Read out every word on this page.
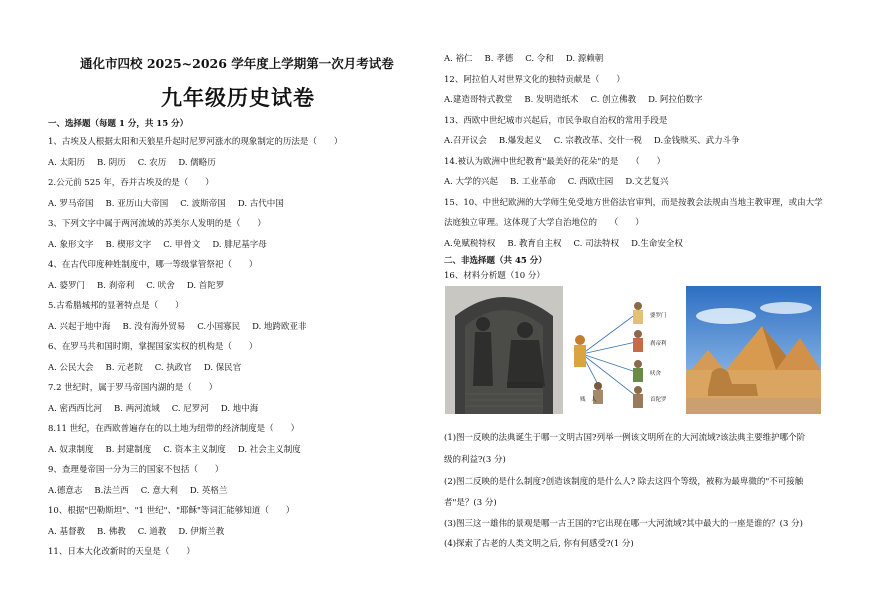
通化市四校 2025~2026 学年度上学期第一次月考试卷
九年级历史试卷
一、选择题（每题 1 分，共 15 分）
1、古埃及人根据太阳和天狼星升起时尼罗河涨水的现象制定的历法是（　　）
A. 太阳历 B. 阴历 C. 农历 D. 儒略历
2.公元前 525 年，吞并古埃及的是（　　）
A. 罗马帝国 B. 亚历山大帝国 C. 波斯帝国 D. 古代中国
3、下列文字中属于两河流域的苏美尔人发明的是（　　）
A. 象形文字 B. 楔形文字 C. 甲骨文 D. 腓尼基字母
4、在古代印度种姓制度中，哪一等级掌管祭祀（　　）
A. 婆罗门 B. 刹帝利 C. 吠舍 D. 首陀罗
5.古希腊城邦的显著特点是（　　）
A. 兴起于地中海 B. 没有海外贸易 C.小国寡民 D. 地跨欧亚非
6、在罗马共和国时期，掌握国家实权的机构是（　　）
A. 公民大会 B. 元老院 C. 执政官 D. 保民官
7.2 世纪时，属于罗马帝国内湖的是（　　）
A. 密西西比河 B. 两河流域 C. 尼罗河 D. 地中海
8.11 世纪，在西欧普遍存在的以土地为纽带的经济制度是（　　）
A. 奴隶制度 B. 封建制度 C. 资本主义制度 D. 社会主义制度
9、查理曼帝国一分为三的国家不包括（　　）
A.德意志 B.法兰西 C. 意大利 D. 英格兰
10、根据"巴勒斯坦"、"1 世纪"、"耶稣"等词汇能够知道（　　）
A. 基督教 B. 佛教 C. 道教 D. 伊斯兰教
11、日本大化改新时的天皇是（　　）
A. 裕仁 B. 孝德 C. 令和 D. 源赖朝
12、阿拉伯人对世界文化的独特贡献是（　　）
A.建造哥特式教堂 B. 发明造纸术 C. 创立佛教 D. 阿拉伯数字
13、西欧中世纪城市兴起后，市民争取自治权的常用手段是
A.召开议会 B.爆发起义 C. 宗教改革、交什一税 D.金钱赎买、武力斗争
14.被认为欧洲中世纪教育"最美好的花朵"的是　　（　　）
A. 大学的兴起 B. 工业革命 C. 西欧庄园 D.文艺复兴
15、10、中世纪欧洲的大学师生免受地方世俗法官审判，而是按教会法规由当地主教审理，或由大学
法庭独立审理。这体现了大学自治地位的　　（　　）
A.免赋税特权 B. 教育自主权 C. 司法特权 D.生命安全权
二、非选择题（共 45 分）
16、材料分析题（10 分）
婆罗门
刹帝利
吠舍
首陀罗
贱　人
(1)图一反映的法典诞生于哪一文明古国?列举一例该文明所在的大河流域?该法典主要维护哪个阶
级的利益?(3 分)
(2)图二反映的是什么制度?创造该制度的是什么人? 除去这四个等级，被称为最卑微的"不可接触
者"是？(3 分)
(3)图三这一雄伟的景观是哪一古王国的?它出现在哪一大河流域?其中最大的一座是谁的？(3 分)
(4)探索了古老的人类文明之后, 你有何感受?(1 分)
